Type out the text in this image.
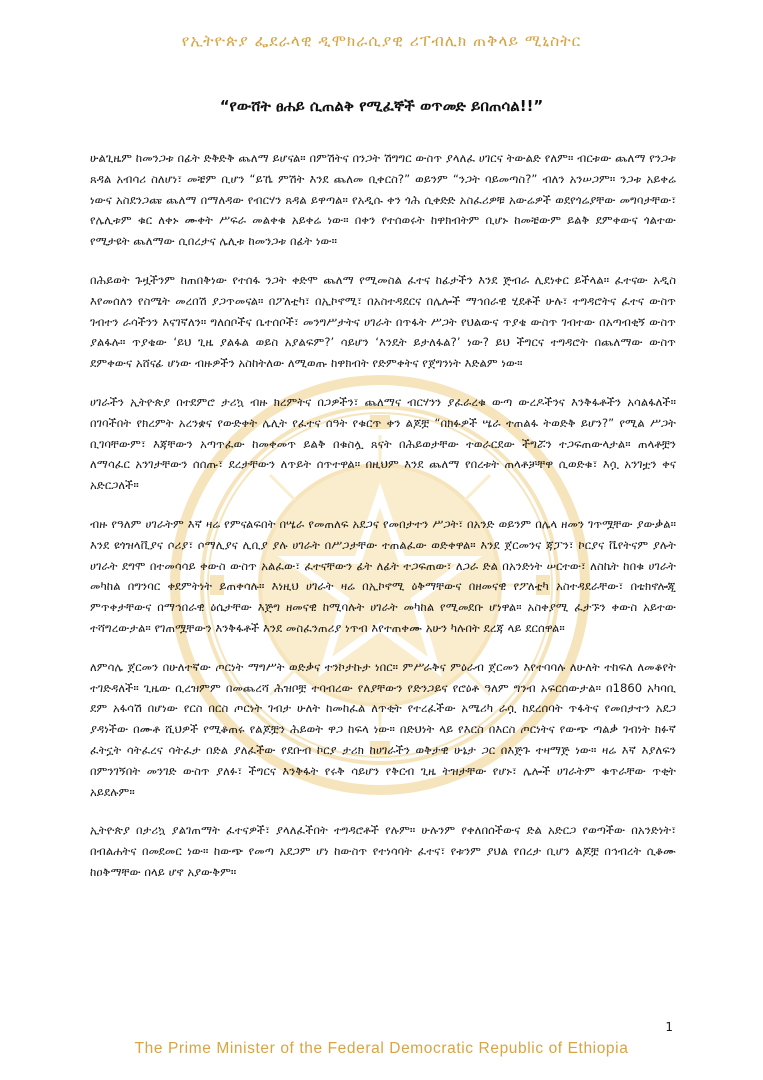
የኢትዮጵያ ፌደራላዊ ዲሞክራሲያዊ ሪፐብሊክ ጠቅላይ ሚኒስትር
“የውሸት ፀሐይ ሲጠልቅ የሚፈኞች ወጥመድ ይበጠሳል!!”

ሁልጊዜም ከመንጋቱ በፊት ድቅድቅ ጨለማ ይሆናል። በምሽትና በንጋት ሽግግር ውስጥ ያላለፈ ሀገርና ትውልድ የለም። ብርቱው ጨለማ የንጋቱ ጸዳል አብሳሪ ስለሆነ፣ መቼም ቢሆን “ይኼ ምሽት እንደ ጨለመ ቢቀርስ?” ወይንም “ንጋት ባይመጣስ?” ብለን አንሠጋም። ንጋቱ አይቀሬ ነውና አስደንጋጩ ጨለማ በማለዳው የብርሃን ጸዳል ይዋጣል። የአዲሱ ቀን ጎሕ ሲቀድድ አስፈሪዎቹ አውሬዎች ወደየጎሬያቸው መግባታቸው፣ የሌሊቱም ቁር ለቀኑ ሙቀት ሥፍራ መልቀቁ አይቀሬ ነው። በቀን የተሰወሩት ከዋክብትም ቢሆኑ ከመቼውም ይልቅ ደምቀውና ጎልተው የሚታዩት ጨለማው ሲበረታና ሌሊቱ ከመንጋቱ በፊት ነው።

በሕይወት ጉዟችንም ከጠበቅነው የተሰፋ ንጋት ቀድሞ ጨለማ የሚመስል ፈተና ከፊታችን እንደ ጅብራ ሊደነቀር ይችላል። ፈተናው አዲስ እየመሰለን የስሜት መረበሽ ያጋጥመናል። በፖለቲካ፣ በኢኮኖሚ፣ በአስተዳደርና በሌሎች ማኅበራዊ ሂደቶች ሁሉ፣ ተግዳሮትና ፈተና ውስጥ ገብተን ራሳችንን እናገኛለን። ግለሰቦችና ቤተሰቦች፣ መንግሥታትና ሀገራት በጥፋት ሥጋት የህልውና ጥያቄ ውስጥ ገብተው በአጣብቂኝ ውስጥ ያልፋሉ። ጥያቄው ‘ይህ ጊዜ ያልፋል ወይስ አያልፍም?’ ሳይሆን ‘እንዴት ይታለፋል?’ ነው? ይህ ችግርና ተግዳሮት በጨለማው ውስጥ ደምቀውና አሸናፊ ሆነው ብዙዎችን አስከትለው ለሚወጡ ከዋክብት የድምቀትና የጀግንነት እድልም ነው።

ሀገራችን ኢትዮጵያ በተደምሮ ታሪኳ ብዙ ክረምትና በጋዎችን፣ ጨለማና ብርሃንን ያፈራረቁ ውጣ ውረዶችንና እንቅፋቶችን አሳልፋለች። በገባችበት የክረምት አረንቋና የውድቀት ሌሊት የፈተና ሰዓት የቁርጥ ቀን ልጆቿ “በክፉዎች ሤራ ተጠልፋ ትወድቅ ይሆን?” የሚል ሥጋት ቢገባቸውም፣ እጃቸውን አጣጥፈው ከመቀመጥ ይልቅ በቁስሏ ጸናት በሕይወታቸው ተወራርደው ችግሯን ተጋፍጠውላታል። ጠላቶቿን ለማሳፈር አንገታቸውን ሰሰጡ፣ ደረታቸውን ለጥይት ሰጥተዋል። በዚህም እንደ ጨለማ የበረቱት ጠላቶቻቸዋ ሲወድቁ፣ እሷ አንገቷን ቀና አድርጋለች።

ብዙ የዓለም ሀገራትም እኛ ዛሬ የምናልፍበት በሤራ የመጠለፍ አደጋና የመበታተን ሥጋት፣ በአንድ ወይንም በሌላ ዘመን ገጥሟቸው ያውቃል። እንደ ዩጎዝላቪያና ሶሪያ፣ ሶማሊያና ሊቢያ ያሉ ሀገራት በሥጋታቸው ተጠልፈው ወድቀዋል። እንደ ጀርመንና ጃፓን፣ ኮርያና ቬየትናም ያሉት ሀገራት ደግሞ በተመሳሳይ ቀውስ ውስጥ አልፈው፣ ፈተናቸውን ፊት ለፊት ተጋፍጠው፣ ለጋራ ድል በአንድነት ሠርተው፣ ለስኬት ከበቁ ሀገራት መካከል በግንባር ቀደምትነት ይጠቀሳሉ። እነዚህ ሀገራት ዛሬ በኢኮኖሚ ዕቅማቸውና በዘመናዊ የፖለቲካ አስተዳደራቸው፣ በቴክኖሎጂ ምጥቀታቸውና በማኅበራዊ ዕሴታቸው እጅግ ዘመናዊ ከሚባሉት ሀገራት መካከል የሚመደቡ ሆነዋል። አስቀያሚ ፈታኙን ቀውስ አይተው ተሻግረውታል። የገጠሟቸውን እንቅፋቶች እንደ መስፈንጠሪያ ነጥብ እየተጠቀሙ አሁን ካሉበት ደረጃ ላይ ደርሰዋል።

ለምሳሌ ጀርመን በሁለተኛው ጦርነት ማግሥት ወድቃና ተንኮታኩታ ነበር። ምሥራቅና ምዕራብ ጀርመን እየተባባሉ ለሁለት ተከፍለ ለመቆየት ተገድዳለች። ጊዜው ቢረዝምም በመጨረሻ ሕዝቦቿ ተባብረው የለያቸውን የድንጋይና የሮዕቶ ዓለም ግንብ አፍርሰውታል። በ1860 አካባቢ ደም አፋሳሽ በሆነው የርስ በርስ ጦርነት ገብታ ሁለት ከመከፈል ለጥቂት የተረፈችው አሜሪካ ራሷ ከደረሰባት ጥፋትና የመበታተን አደጋ ያዳነችው በሙቶ ሺህዎች የሚቆጠሩ የልጆቿን ሕይወት ዋጋ ከፍላ ነው። በድህነት ላይ የእርስ በእርስ ጦርነትና የውጭ ጣልቃ ገብነት ክፉኛ ፈትኗት ሳትፈረና ሳትፈታ በድል ያለፈችው የደቡብ ኮርያ ታሪክ ከሀገራችን ወቅታዊ ሁኔታ ጋር በእጅጉ ተዛማጅ ነው። ዛሬ እኛ እያለፍን በምንገኝበት መንገድ ውስጥ ያለፉ፣ ችግርና እንቅፋት የሩቅ ሳይሆን የቅርብ ጊዜ ትዝታቸው የሆኑ፣ ሌሎች ሀገራትም ቁጥራቸው ጥቂት አይደሉም።

ኢትዮጵያ በታሪኳ ያልገጠማት ፈተናዎች፣ ያላለፈችበት ተግዳሮቶች የሉም። ሁሉንም የቀለበሰችውና ድል አድርጋ የወጣችው በአንድነት፣ በብልሐትና በመደመር ነው። ከውጭ የመጣ አደጋም ሆነ ከውስጥ የተነሳባት ፈተና፣ የቱንም ያህል የበረታ ቢሆን ልጆቿ በኅብረት ሲቆሙ ከዐቅማቸው በላይ ሆኖ አያውቅም።

1
The Prime Minister of the Federal Democratic Republic of Ethiopia
